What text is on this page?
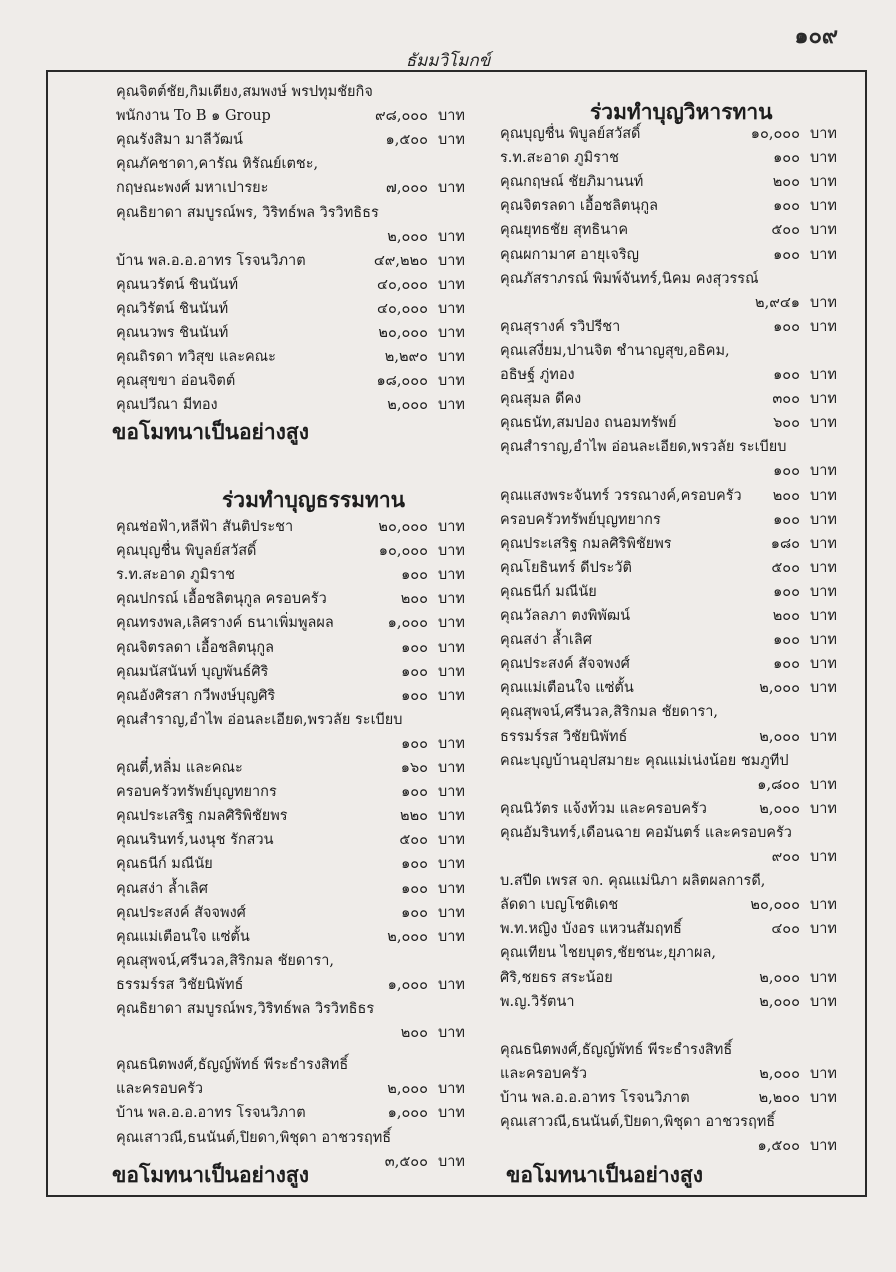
๑๐๙
ธัมมวิโมกข์
คุณจิตต์ชัย,กิมเตียง,สมพงษ์ พรปทุมชัยกิจ
พนักงาน To B ๑ Group	๙๘,๐๐๐ บาท
คุณรังสิมา มาลีวัฒน์	๑,๕๐๐ บาท
คุณภัคชาดา,คารัณ หิรัณย์เตชะ,
กฤษณะพงศ์ มหาเปารยะ	๗,๐๐๐ บาท
คุณธิยาดา สมบูรณ์พร, วิริทธ์พล วิรวิทธิธร
๒,๐๐๐ บาท
บ้าน พล.อ.อ.อาทร โรจนวิภาต	๔๙,๒๒๐ บาท
คุณนวรัตน์ ชินนันท์	๔๐,๐๐๐ บาท
คุณวิรัตน์ ชินนันท์	๔๐,๐๐๐ บาท
คุณนวพร ชินนันท์	๒๐,๐๐๐ บาท
คุณถิรดา ทวิสุข และคณะ	๒,๒๙๐ บาท
คุณสุขขา อ่อนจิตต์	๑๘,๐๐๐ บาท
คุณปวีณา มีทอง	๒,๐๐๐ บาท
ขอโมทนาเป็นอย่างสูง
ร่วมทำบุญธรรมทาน
คุณช่อฟ้า,หลีฟ้า สันติประชา	๒๐,๐๐๐ บาท
คุณบุญชื่น พิบูลย์สวัสดิ์	๑๐,๐๐๐ บาท
ร.ท.สะอาด ภูมิราช	๑๐๐ บาท
คุณปกรณ์ เอื้อชลิตนุกูล ครอบครัว	๒๐๐ บาท
คุณทรงพล,เลิศรางค์ ธนาเพิ่มพูลผล	๑,๐๐๐ บาท
คุณจิตรลดา เอื้อชลิตนุกูล	๑๐๐ บาท
คุณมนัสนันท์ บุญพันธ์ศิริ	๑๐๐ บาท
คุณอังศิรสา กวีพงษ์บุญศิริ	๑๐๐ บาท
คุณสำราญ,อำไพ อ่อนละเอียด,พรวลัย ระเบียบ
๑๐๐ บาท
คุณตี๋,หลิ่ม และคณะ	๑๖๐ บาท
ครอบครัวทรัพย์บุญทยากร	๑๐๐ บาท
คุณประเสริฐ กมลศิริพิชัยพร	๒๒๐ บาท
คุณนรินทร์,นงนุช รักสวน	๕๐๐ บาท
คุณธนีก์ มณีนัย	๑๐๐ บาท
คุณสง่า ล้ำเลิศ	๑๐๐ บาท
คุณประสงค์ สัจจพงศ์	๑๐๐ บาท
คุณแม่เตือนใจ แซ่ตั้น	๒,๐๐๐ บาท
คุณสุพจน์,ศรีนวล,สิริกมล ชัยดารา,
ธรรมร์รส วิชัยนิพัทธ์	๑,๐๐๐ บาท
คุณธิยาดา สมบูรณ์พร,วิริทธ์พล วิรวิทธิธร
๒๐๐ บาท
คุณธนิตพงศ์,ธัญญ์พัทธ์ พีระธำรงสิทธิ์
และครอบครัว	๒,๐๐๐ บาท
บ้าน พล.อ.อ.อาทร โรจนวิภาต	๑,๐๐๐ บาท
คุณเสาวณี,ธนนันต์,ปิยดา,พิชุดา อาชวรฤทธิ์
๓,๕๐๐ บาท
ขอโมทนาเป็นอย่างสูง
ร่วมทำบุญวิหารทาน
คุณบุญชื่น พิบูลย์สวัสดิ์	๑๐,๐๐๐ บาท
ร.ท.สะอาด ภูมิราช	๑๐๐ บาท
คุณกฤษณ์ ชัยภิมานนท์	๒๐๐ บาท
คุณจิตรลดา เอื้อชลิตนุกูล	๑๐๐ บาท
คุณยุทธชัย สุทธินาค	๕๐๐ บาท
คุณผกามาศ อายุเจริญ	๑๐๐ บาท
คุณภัสราภรณ์ พิมพ์จันทร์,นิคม คงสุวรรณ์
๒,๙๔๑ บาท
คุณสุรางค์ รวิปรีชา	๑๐๐ บาท
คุณเสงี่ยม,ปานจิต ชำนาญสุข,อธิคม,
อธิษฐ์ ภู่ทอง	๑๐๐ บาท
คุณสุมล ดีคง	๓๐๐ บาท
คุณธนัท,สมปอง ถนอมทรัพย์	๖๐๐ บาท
คุณสำราญ,อำไพ อ่อนละเอียด,พรวลัย ระเบียบ
๑๐๐ บาท
คุณแสงพระจันทร์ วรรณางค์,ครอบครัว	๒๐๐ บาท
ครอบครัวทรัพย์บุญทยากร	๑๐๐ บาท
คุณประเสริฐ กมลศิริพิชัยพร	๑๘๐ บาท
คุณโยธินทร์ ดีประวัติ	๕๐๐ บาท
คุณธนีก์ มณีนัย	๑๐๐ บาท
คุณวัลลภา ตงพิพัฒน์	๒๐๐ บาท
คุณสง่า ล้ำเลิศ	๑๐๐ บาท
คุณประสงค์ สัจจพงศ์	๑๐๐ บาท
คุณแม่เตือนใจ แซ่ตั้น	๒,๐๐๐ บาท
คุณสุพจน์,ศรีนวล,สิริกมล ชัยดารา,
ธรรมร์รส วิชัยนิพัทธ์	๒,๐๐๐ บาท
คณะบุญบ้านอุปสมายะ คุณแม่เน่งน้อย ชมภูทีป
๑,๘๐๐ บาท
คุณนิวัตร แจ้งท้วม และครอบครัว	๒,๐๐๐ บาท
คุณอัมรินทร์,เดือนฉาย คอมันตร์ และครอบครัว
๙๐๐ บาท
บ.สปีด เพรส จก. คุณแม่นิภา ผลิตผลการดี,
ลัดดา เบญโชติเดช	๒๐,๐๐๐ บาท
พ.ท.หญิง บังอร แหวนสัมฤทธิ์	๔๐๐ บาท
คุณเทียน ไชยบุตร,ชัยชนะ,ยุภาผล,
ศิริ,ชยธร สระน้อย	๒,๐๐๐ บาท
พ.ญ.วิรัตนา	๒,๐๐๐ บาท
คุณธนิตพงศ์,ธัญญ์พัทธ์ พีระธำรงสิทธิ์
และครอบครัว	๒,๐๐๐ บาท
บ้าน พล.อ.อ.อาทร โรจนวิภาต	๒,๒๐๐ บาท
คุณเสาวณี,ธนนันต์,ปิยดา,พิชุดา อาชวรฤทธิ์
๑,๕๐๐ บาท
ขอโมทนาเป็นอย่างสูง
